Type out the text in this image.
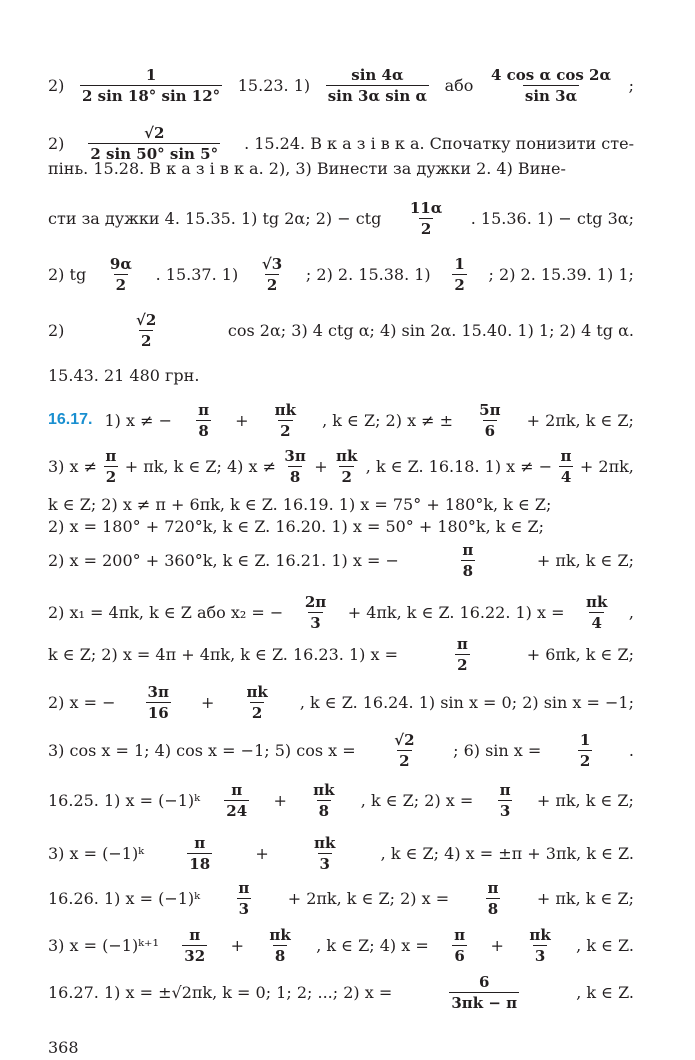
$2) \frac{1}{2 \sin 18^\circ \sin 12^\circ} 15.23$. $1) \frac{\sin 4\alpha}{\text{sin 3α sin α}}$ або $\frac{\text{4 cos α cos 2α}}{\sin 3\alpha}$ ;
$2) \frac{√2}{2 \sin 50^\circ \sin 5^\circ}$ . 15.24. В к а з і в к а. Спочатку понизити сте-
пінь. 15.28. В к а з і в к а. 2), 3) Винести за дужки 2. 4) Вине-
сти за дужки 4. 15.35. 1) tg 2α; 2) − ctg $\frac{11\alpha}{2}$ . 15.36. 1) − ctg 3α;
2) tg $\frac{9\alpha}{2}$ . 15.37. $1) \frac{√3}{2}$ ; 2) 2. 15.38. $1) \frac{1}{2}$ ; 2) 2. 15.39. 1) 1;
2)	$\frac{√2}{2}$	cos 2α; 3) 4 ctg α; 4) sin 2α. 15.40. 1) 1; 2) 4 tg α.
15.43. 21 480 грн.
16.17. 1) x ≠ − $\frac{\pi}{8} + \frac{\pi k}{2}$ , k ∈ Z; 2) x ≠ ± $\frac{5\pi}{6} + 2\pi k$, k ∈ Z;
3) $x \ne \frac{\pi}{2} + \pi k$, k ∈ Z; 4) $x \ne \frac{3\pi}{8} + \frac{\pi k}{2}$ , k ∈ Z. 16.18. 1) x ≠ − $\frac{\pi}{4} + 2\pi k$,
k ∈ Z; 2) x ≠ π + 6πk, k ∈ Z. 16.19. 1) x = 75° + 180°k, k ∈ Z;
2) x = 180° + 720°k, k ∈ Z. 16.20. 1) x = 50° + 180°k, k ∈ Z;
2) x = 200° + 360°k, k ∈ Z. 16.21. 1) x = −	$\frac{\pi}{8}$	+ πk, k ∈ Z;
2) x₁ = 4πk, k ∈ Z або x₂ = − $\frac{2\pi}{3} + 4\pi k$, k ∈ Z. 16.22. 1) $x = \frac{\pi k}{4}$ ,
k ∈ Z; 2) x = 4π + 4πk, k ∈ Z. 16.23. 1) x =	$\frac{\pi}{2}$	+ 6πk, k ∈ Z;
2) x = − $\frac{3\pi}{16} + \frac{\pi k}{2}$ , k ∈ Z. 16.24. 1) sin x = 0; 2) sin x = −1;
3) cos x = 1; 4) cos x = −1; 5) $\cos x = \frac{√2}{2}$ ; 6) $\sin x = \frac{1}{2}$ .
16.25. 1) x = (−1)ᵏ $\frac{\pi}{24} + \frac{\pi k}{8}$ , k ∈ Z; 2) $x = \frac{\pi}{3} + \pi k$, k ∈ Z;
3) x = (−1)ᵏ	$\frac{\pi}{18}$	+	$\frac{\pi k}{3}$	, k ∈ Z; 4) x = ±π + 3πk, k ∈ Z.
16.26. 1) x = (−1)ᵏ $\frac{\pi}{3} + 2\pi k$, k ∈ Z; 2) $x = \frac{\pi}{8} + \pi k$, k ∈ Z;
3) x = (−1)ᵏ⁺¹ $\frac{\pi}{32} + \frac{\pi k}{8}$ , k ∈ Z; 4) $x = \frac{\pi}{6} + \frac{\pi k}{3}$ , k ∈ Z.
16.27. 1) x = ±√2πk, k = 0; 1; 2; ...; 2) x =	$\frac{6}{3\pi k - \pi}$	, k ∈ Z.
368
